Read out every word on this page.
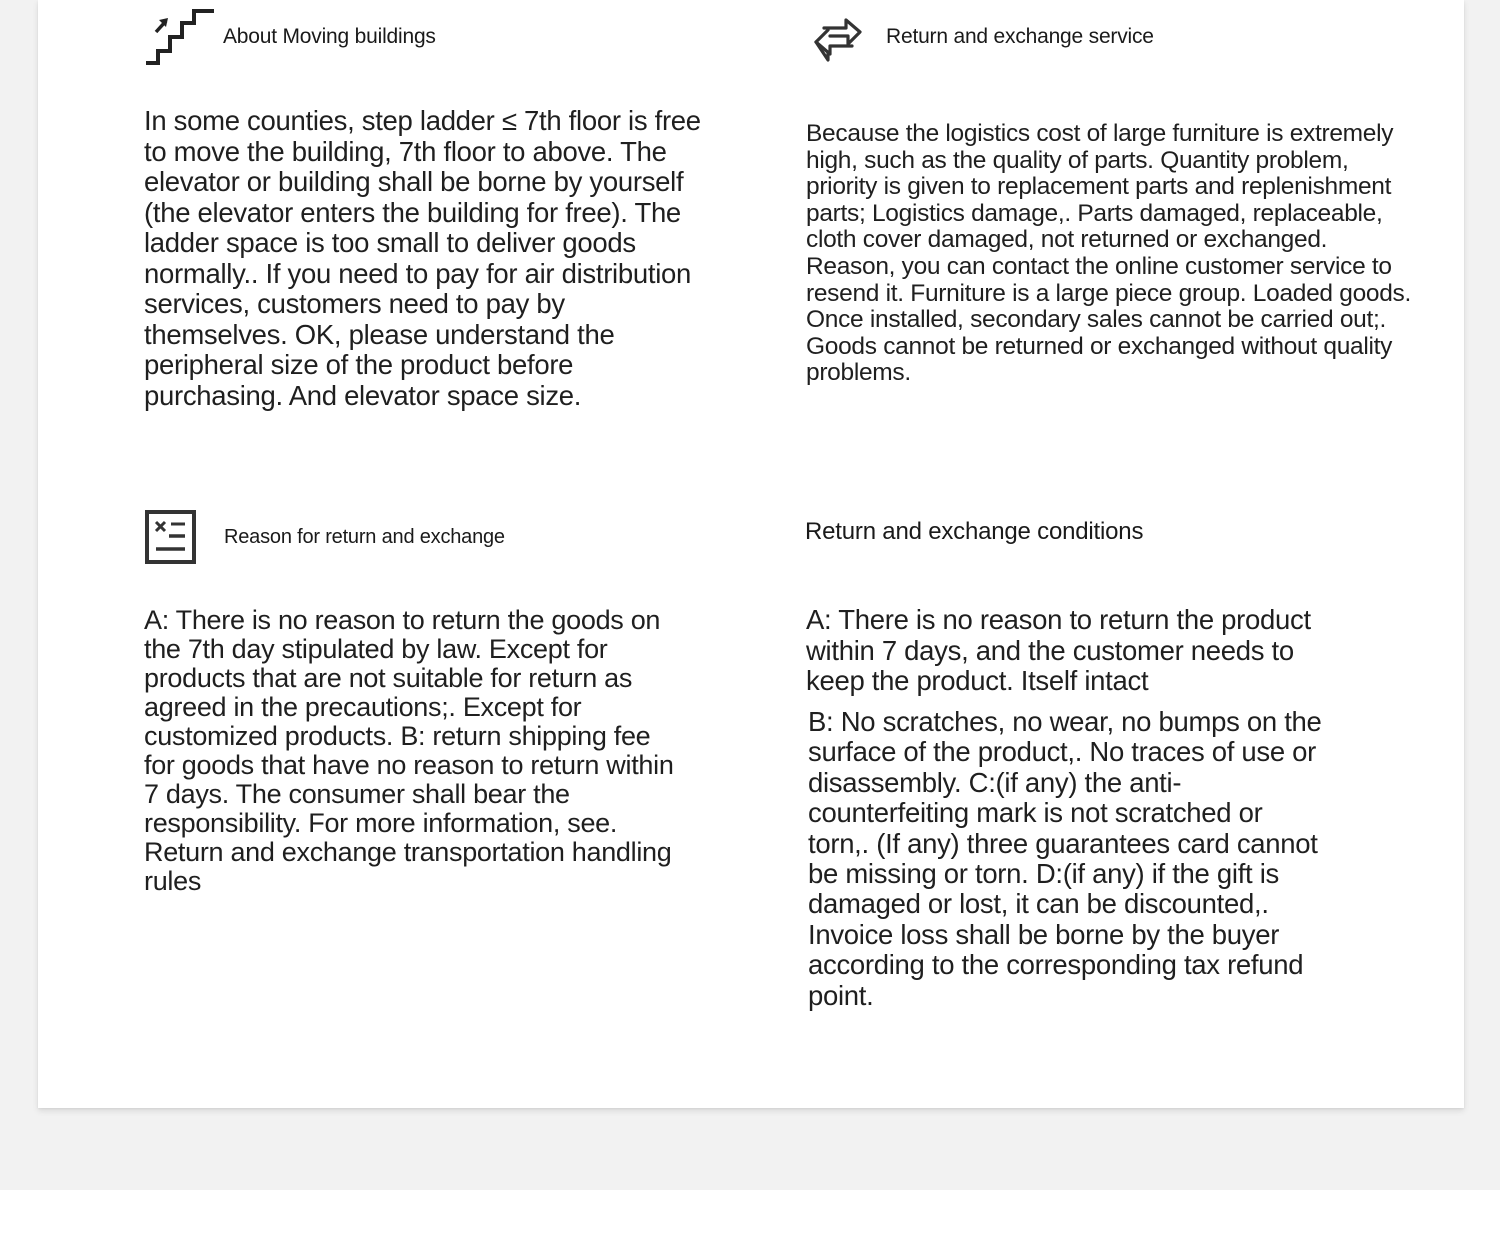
About Moving buildings

In some counties, step ladder ≤ 7th floor is free to move the building, 7th floor to above. The elevator or building shall be borne by yourself (the elevator enters the building for free). The ladder space is too small to deliver goods normally.. If you need to pay for air distribution services, customers need to pay by themselves. OK, please understand the peripheral size of the product before purchasing. And elevator space size.

Return and exchange service

Because the logistics cost of large furniture is extremely high, such as the quality of parts. Quantity problem, priority is given to replacement parts and replenishment parts; Logistics damage,. Parts damaged, replaceable, cloth cover damaged, not returned or exchanged. Reason, you can contact the online customer service to resend it. Furniture is a large piece group. Loaded goods. Once installed, secondary sales cannot be carried out;. Goods cannot be returned or exchanged without quality problems.

Reason for return and exchange

A: There is no reason to return the goods on the 7th day stipulated by law. Except for products that are not suitable for return as agreed in the precautions;. Except for customized products. B: return shipping fee for goods that have no reason to return within 7 days. The consumer shall bear the responsibility. For more information, see. Return and exchange transportation handling rules

Return and exchange conditions

A: There is no reason to return the product within 7 days, and the customer needs to keep the product. Itself intact

B: No scratches, no wear, no bumps on the surface of the product,. No traces of use or disassembly. C:(if any) the anti-counterfeiting mark is not scratched or torn,. (If any) three guarantees card cannot be missing or torn. D:(if any) if the gift is damaged or lost, it can be discounted,. Invoice loss shall be borne by the buyer according to the corresponding tax refund point.
